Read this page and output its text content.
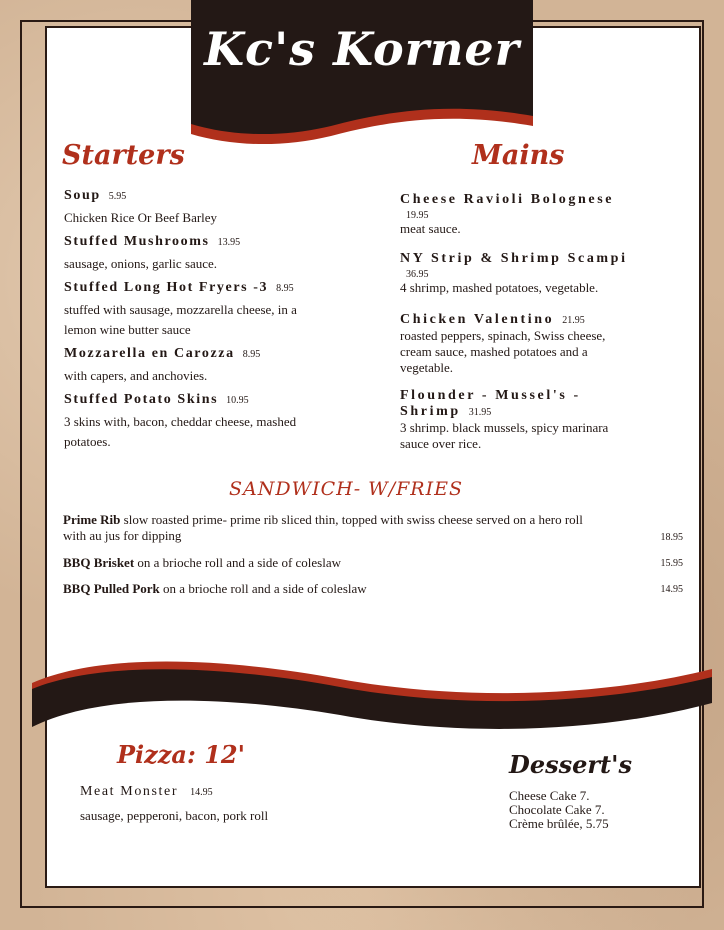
Kc's Korner
Starters
Soup 5.95
Chicken Rice Or Beef Barley
Stuffed Mushrooms 13.95
sausage, onions, garlic sauce.
Stuffed Long Hot Fryers -3 8.95
stuffed with sausage, mozzarella cheese, in a
lemon wine butter sauce
Mozzarella en Carozza 8.95
with capers, and anchovies.
Stuffed Potato Skins 10.95
3 skins with, bacon, cheddar cheese, mashed
potatoes.
Mains
Cheese Ravioli Bolognese
19.95
meat sauce.
NY Strip & Shrimp Scampi
36.95
4 shrimp, mashed potatoes, vegetable.
Chicken Valentino 21.95
roasted peppers, spinach, Swiss cheese,
cream sauce, mashed potatoes and a
vegetable.
Flounder - Mussel's -
Shrimp 31.95
3 shrimp. black mussels, spicy marinara
sauce over rice.
SANDWICH- W/FRIES
Prime Rib slow roasted prime- prime rib sliced thin, topped with swiss cheese served on a hero roll
with au jus for dipping	18.95
BBQ Brisket on a brioche roll and a side of coleslaw	15.95
BBQ Pulled Pork on a brioche roll and a side of coleslaw	14.95
Pizza: 12'
Meat Monster 14.95
sausage, pepperoni, bacon, pork roll
Dessert's
Cheese Cake 7.
Chocolate Cake 7.
Crème brûlée, 5.75
